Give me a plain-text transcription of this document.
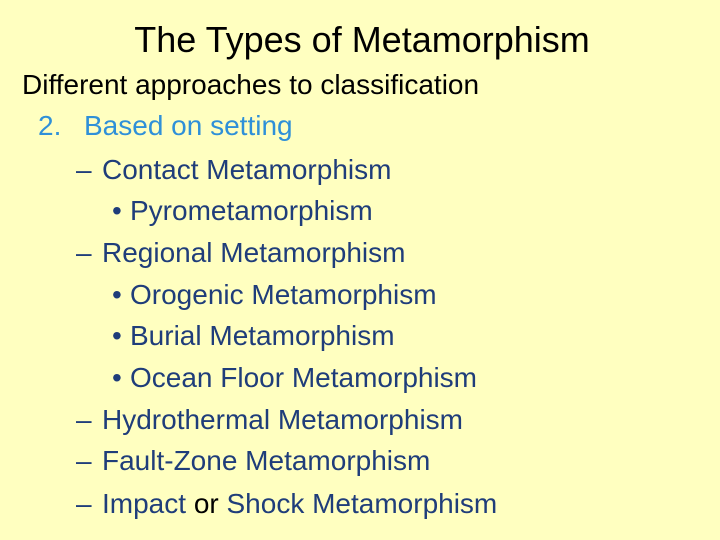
The Types of Metamorphism
Different approaches to classification
2. Based on setting
– Contact Metamorphism
• Pyrometamorphism
– Regional Metamorphism
• Orogenic Metamorphism
• Burial Metamorphism
• Ocean Floor Metamorphism
– Hydrothermal Metamorphism
– Fault-Zone Metamorphism
– Impact or Shock Metamorphism
